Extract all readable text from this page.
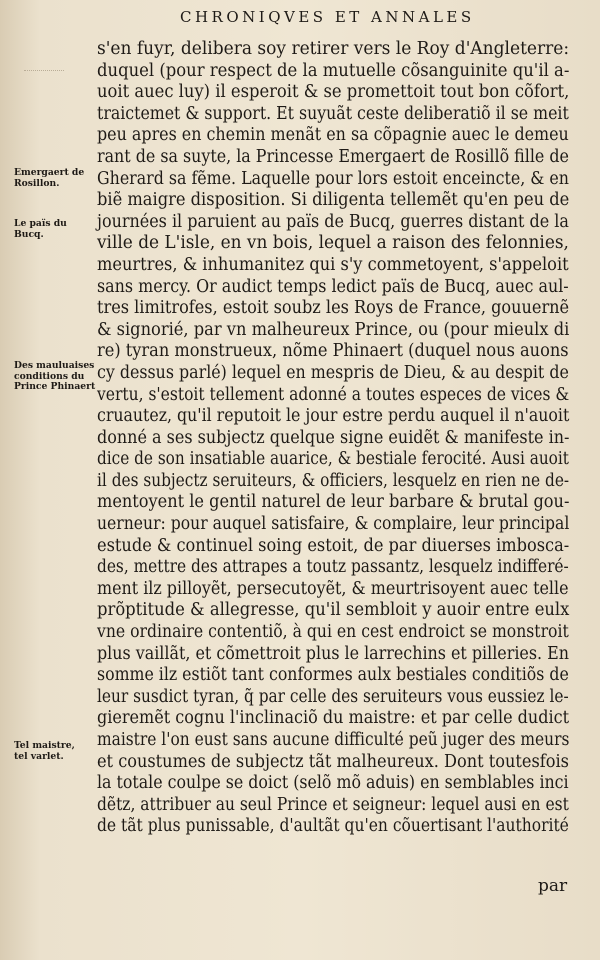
CHRONIQVES ET ANNALES
Emergaert de
Rosillon.
Le païs du
Bucq.
Des mauluaises
conditions du
Prince Phinaert
Tel maistre,
tel varlet.
s'en fuyr, delibera soy retirer vers le Roy d'Angleterre:
duquel (pour respect de la mutuelle cõsanguinite qu'il a-
uoit auec luy) il esperoit & se promettoit tout bon cõfort,
traictemet & support. Et suyuãt ceste deliberatiõ il se meit
peu apres en chemin menãt en sa cõpagnie auec le demeu
rant de sa suyte, la Princesse Emergaert de Rosillõ fille de
Gherard sa fẽme. Laquelle pour lors estoit enceincte, & en
biẽ maigre disposition. Si diligenta tellemẽt qu'en peu de
journées il paruient au païs de Bucq, guerres distant de la
ville de L'isle, en vn bois, lequel a raison des felonnies,
meurtres, & inhumanitez qui s'y commetoyent, s'appeloit
sans mercy. Or audict temps ledict païs de Bucq, auec aul-
tres limitrofes, estoit soubz les Roys de France, gouuernẽ
& signorié, par vn malheureux Prince, ou (pour mieulx di
re) tyran monstrueux, nõme Phinaert (duquel nous auons
cy dessus parlé) lequel en mespris de Dieu, & au despit de
vertu, s'estoit tellement adonné a toutes especes de vices &
cruautez, qu'il reputoit le jour estre perdu auquel il n'auoit
donné a ses subjectz quelque signe euidẽt & manifeste in-
dice de son insatiable auarice, & bestiale ferocité. Ausi auoit
il des subjectz seruiteurs, & officiers, lesquelz en rien ne de-
mentoyent le gentil naturel de leur barbare & brutal gou-
uerneur: pour auquel satisfaire, & complaire, leur principal
estude & continuel soing estoit, de par diuerses imboscа-
des, mettre des attrapes a toutz passantz, lesquelz indifferé-
ment ilz pilloyẽt, persecutoyẽt, & meurtrisoyent auec telle
prõptitude & allegresse, qu'il sembloit y auoir entre eulx
vne ordinaire contentiõ, à qui en cest endroict se monstroit
plus vaillãt, et cõmettroit plus le larrechins et pilleries. En
somme ilz estiõt tant conformes aulx bestiales conditiõs de
leur susdict tyran, q̃ par celle des seruiteurs vous eussiez le-
gieremẽt cognu l'inclinaciõ du maistre: et par celle dudict
maistre l'on eust sans aucune difficulté peũ juger des meurs
et coustumes de subjectz tãt malheureux. Dont toutesfois
la totale coulpe se doict (selõ mõ aduis) en semblables inci
dẽtz, attribuer au seul Prince et seigneur: lequel ausi en est
de tãt plus punissable, d'aultãt qu'en cõuertisant l'authorité
par
